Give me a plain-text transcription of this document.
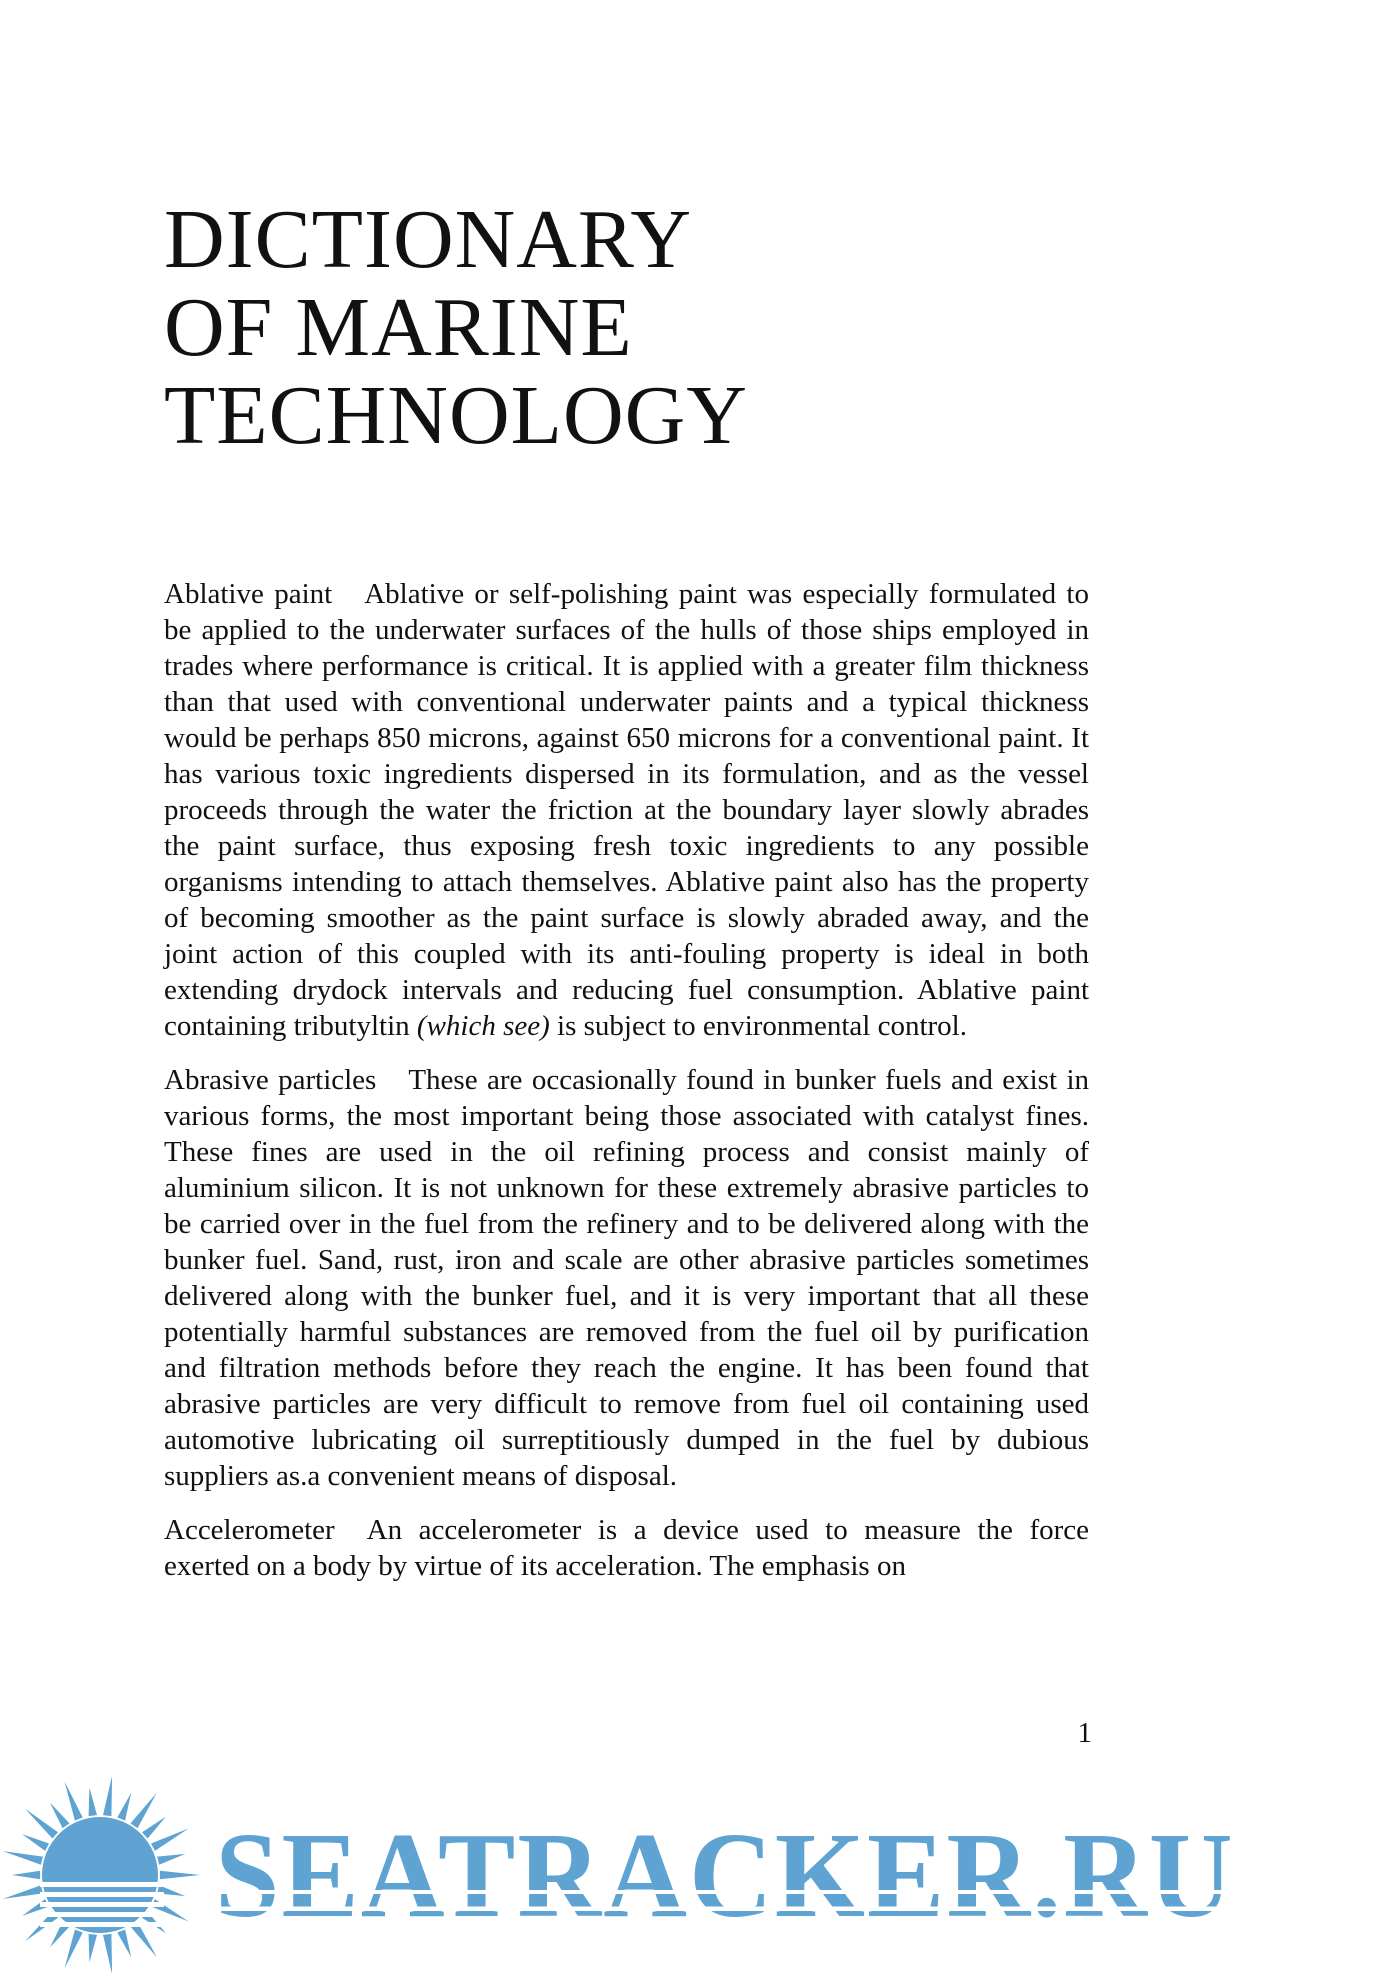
DICTIONARY
OF MARINE
TECHNOLOGY

Ablative paint Ablative or self-polishing paint was especially formulated to be applied to the underwater surfaces of the hulls of those ships employed in trades where performance is critical. It is applied with a greater film thickness than that used with conventional underwater paints and a typical thickness would be perhaps 850 microns, against 650 microns for a conventional paint. It has various toxic ingredients dispersed in its formulation, and as the vessel proceeds through the water the friction at the boundary layer slowly abrades the paint surface, thus exposing fresh toxic ingredients to any possible organisms intending to attach themselves. Ablative paint also has the property of becoming smoother as the paint surface is slowly abraded away, and the joint action of this coupled with its anti-fouling property is ideal in both extending drydock intervals and reducing fuel consumption. Ablative paint containing tributyltin (which see) is subject to environmental control.

Abrasive particles These are occasionally found in bunker fuels and exist in various forms, the most important being those associated with catalyst fines. These fines are used in the oil refining process and consist mainly of aluminium silicon. It is not unknown for these extremely abrasive particles to be carried over in the fuel from the refinery and to be delivered along with the bunker fuel. Sand, rust, iron and scale are other abrasive particles sometimes delivered along with the bunker fuel, and it is very important that all these potentially harmful substances are removed from the fuel oil by purification and filtration methods before they reach the engine. It has been found that abrasive particles are very difficult to remove from fuel oil containing used automotive lubricating oil surreptitiously dumped in the fuel by dubious suppliers as.a convenient means of disposal.

Accelerometer An accelerometer is a device used to measure the force exerted on a body by virtue of its acceleration. The emphasis on

1
SEATRACKER.RU
